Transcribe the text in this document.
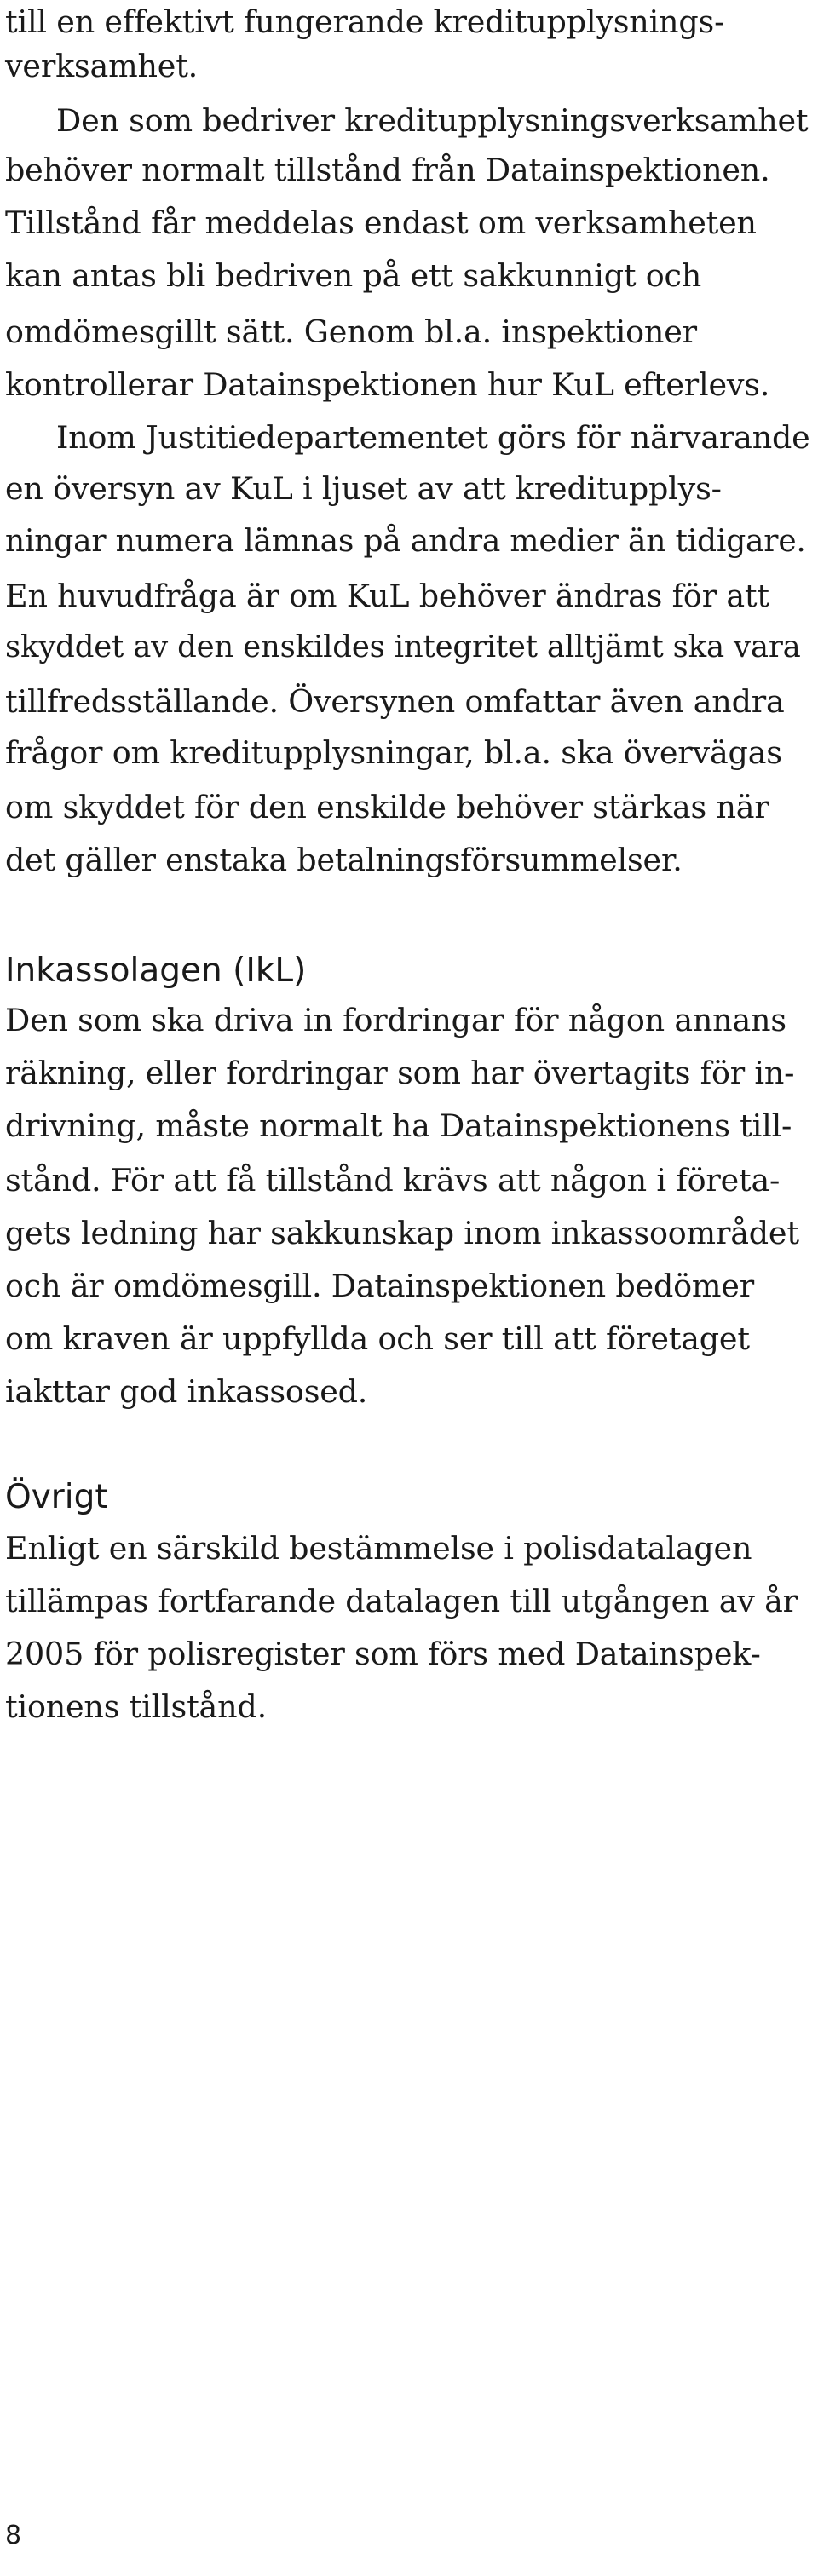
till en effektivt fungerande kreditupplysnings-
verksamhet.
Den som bedriver kreditupplysningsverksamhet
behöver normalt tillstånd från Datainspektionen.
Tillstånd får meddelas endast om verksamheten
kan antas bli bedriven på ett sakkunnigt och
omdömesgillt sätt. Genom bl.a. inspektioner
kontrollerar Datainspektionen hur KuL efterlevs.
Inom Justitiedepartementet görs för närvarande
en översyn av KuL i ljuset av att kreditupplys-
ningar numera lämnas på andra medier än tidigare.
En huvudfråga är om KuL behöver ändras för att
skyddet av den enskildes integritet alltjämt ska vara
tillfredsställande. Översynen omfattar även andra
frågor om kreditupplysningar, bl.a. ska övervägas
om skyddet för den enskilde behöver stärkas när
det gäller enstaka betalningsförsummelser.
Inkassolagen (IkL)
Den som ska driva in fordringar för någon annans
räkning, eller fordringar som har övertagits för in-
drivning, måste normalt ha Datainspektionens till-
stånd. För att få tillstånd krävs att någon i företa-
gets ledning har sakkunskap inom inkassoområdet
och är omdömesgill. Datainspektionen bedömer
om kraven är uppfyllda och ser till att företaget
iakttar god inkassosed.
Övrigt
Enligt en särskild bestämmelse i polisdatalagen
tillämpas fortfarande datalagen till utgången av år
2005 för polisregister som förs med Datainspek-
tionens tillstånd.
8
